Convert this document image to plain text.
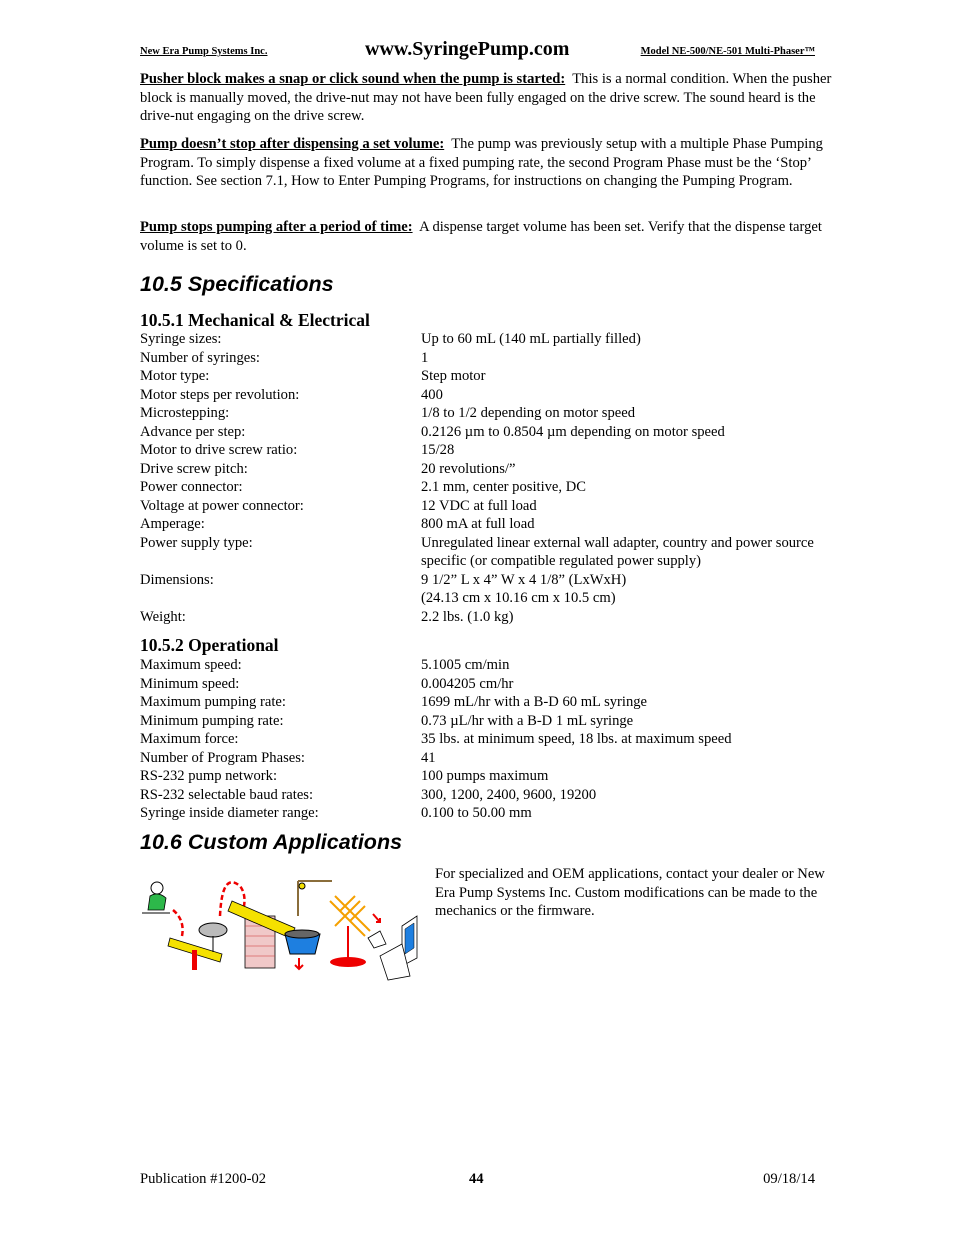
New Era Pump Systems Inc.	www.SyringePump.com	Model NE-500/NE-501 Multi-Phaser™

Pusher block makes a snap or click sound when the pump is started: This is a normal condition. When the pusher block is manually moved, the drive-nut may not have been fully engaged on the drive screw. The sound heard is the drive-nut engaging on the drive screw.

Pump doesn’t stop after dispensing a set volume: The pump was previously setup with a multiple Phase Pumping Program. To simply dispense a fixed volume at a fixed pumping rate, the second Program Phase must be the ‘Stop’ function. See section 7.1, How to Enter Pumping Programs, for instructions on changing the Pumping Program.

Pump stops pumping after a period of time: A dispense target volume has been set. Verify that the dispense target volume is set to 0.

10.5 Specifications
10.5.1 Mechanical & Electrical
Syringe sizes:	Up to 60 mL (140 mL partially filled)
Number of syringes:	1
Motor type:	Step motor
Motor steps per revolution:	400
Microstepping:	1/8 to 1/2 depending on motor speed
Advance per step:	0.2126 µm to 0.8504 µm depending on motor speed
Motor to drive screw ratio:	15/28
Drive screw pitch:	20 revolutions/”
Power connector:	2.1 mm, center positive, DC
Voltage at power connector:	12 VDC at full load
Amperage:	800 mA at full load
Power supply type:	Unregulated linear external wall adapter, country and power source specific (or compatible regulated power supply)
Dimensions:	9 1/2” L x 4” W x 4 1/8” (LxWxH)
(24.13 cm x 10.16 cm x 10.5 cm)
Weight:	2.2 lbs. (1.0 kg)
10.5.2 Operational
Maximum speed:	5.1005 cm/min
Minimum speed:	0.004205 cm/hr
Maximum pumping rate:	1699 mL/hr with a B-D 60 mL syringe
Minimum pumping rate:	0.73 µL/hr with a B-D 1 mL syringe
Maximum force:	35 lbs. at minimum speed, 18 lbs. at maximum speed
Number of Program Phases:	41
RS-232 pump network:	100 pumps maximum
RS-232 selectable baud rates:	300, 1200, 2400, 9600, 19200
Syringe inside diameter range:	0.100 to 50.00 mm
10.6 Custom Applications

For specialized and OEM applications, contact your dealer or New Era Pump Systems Inc. Custom modifications can be made to the mechanics or the firmware.

Publication #1200-02	44	09/18/14
